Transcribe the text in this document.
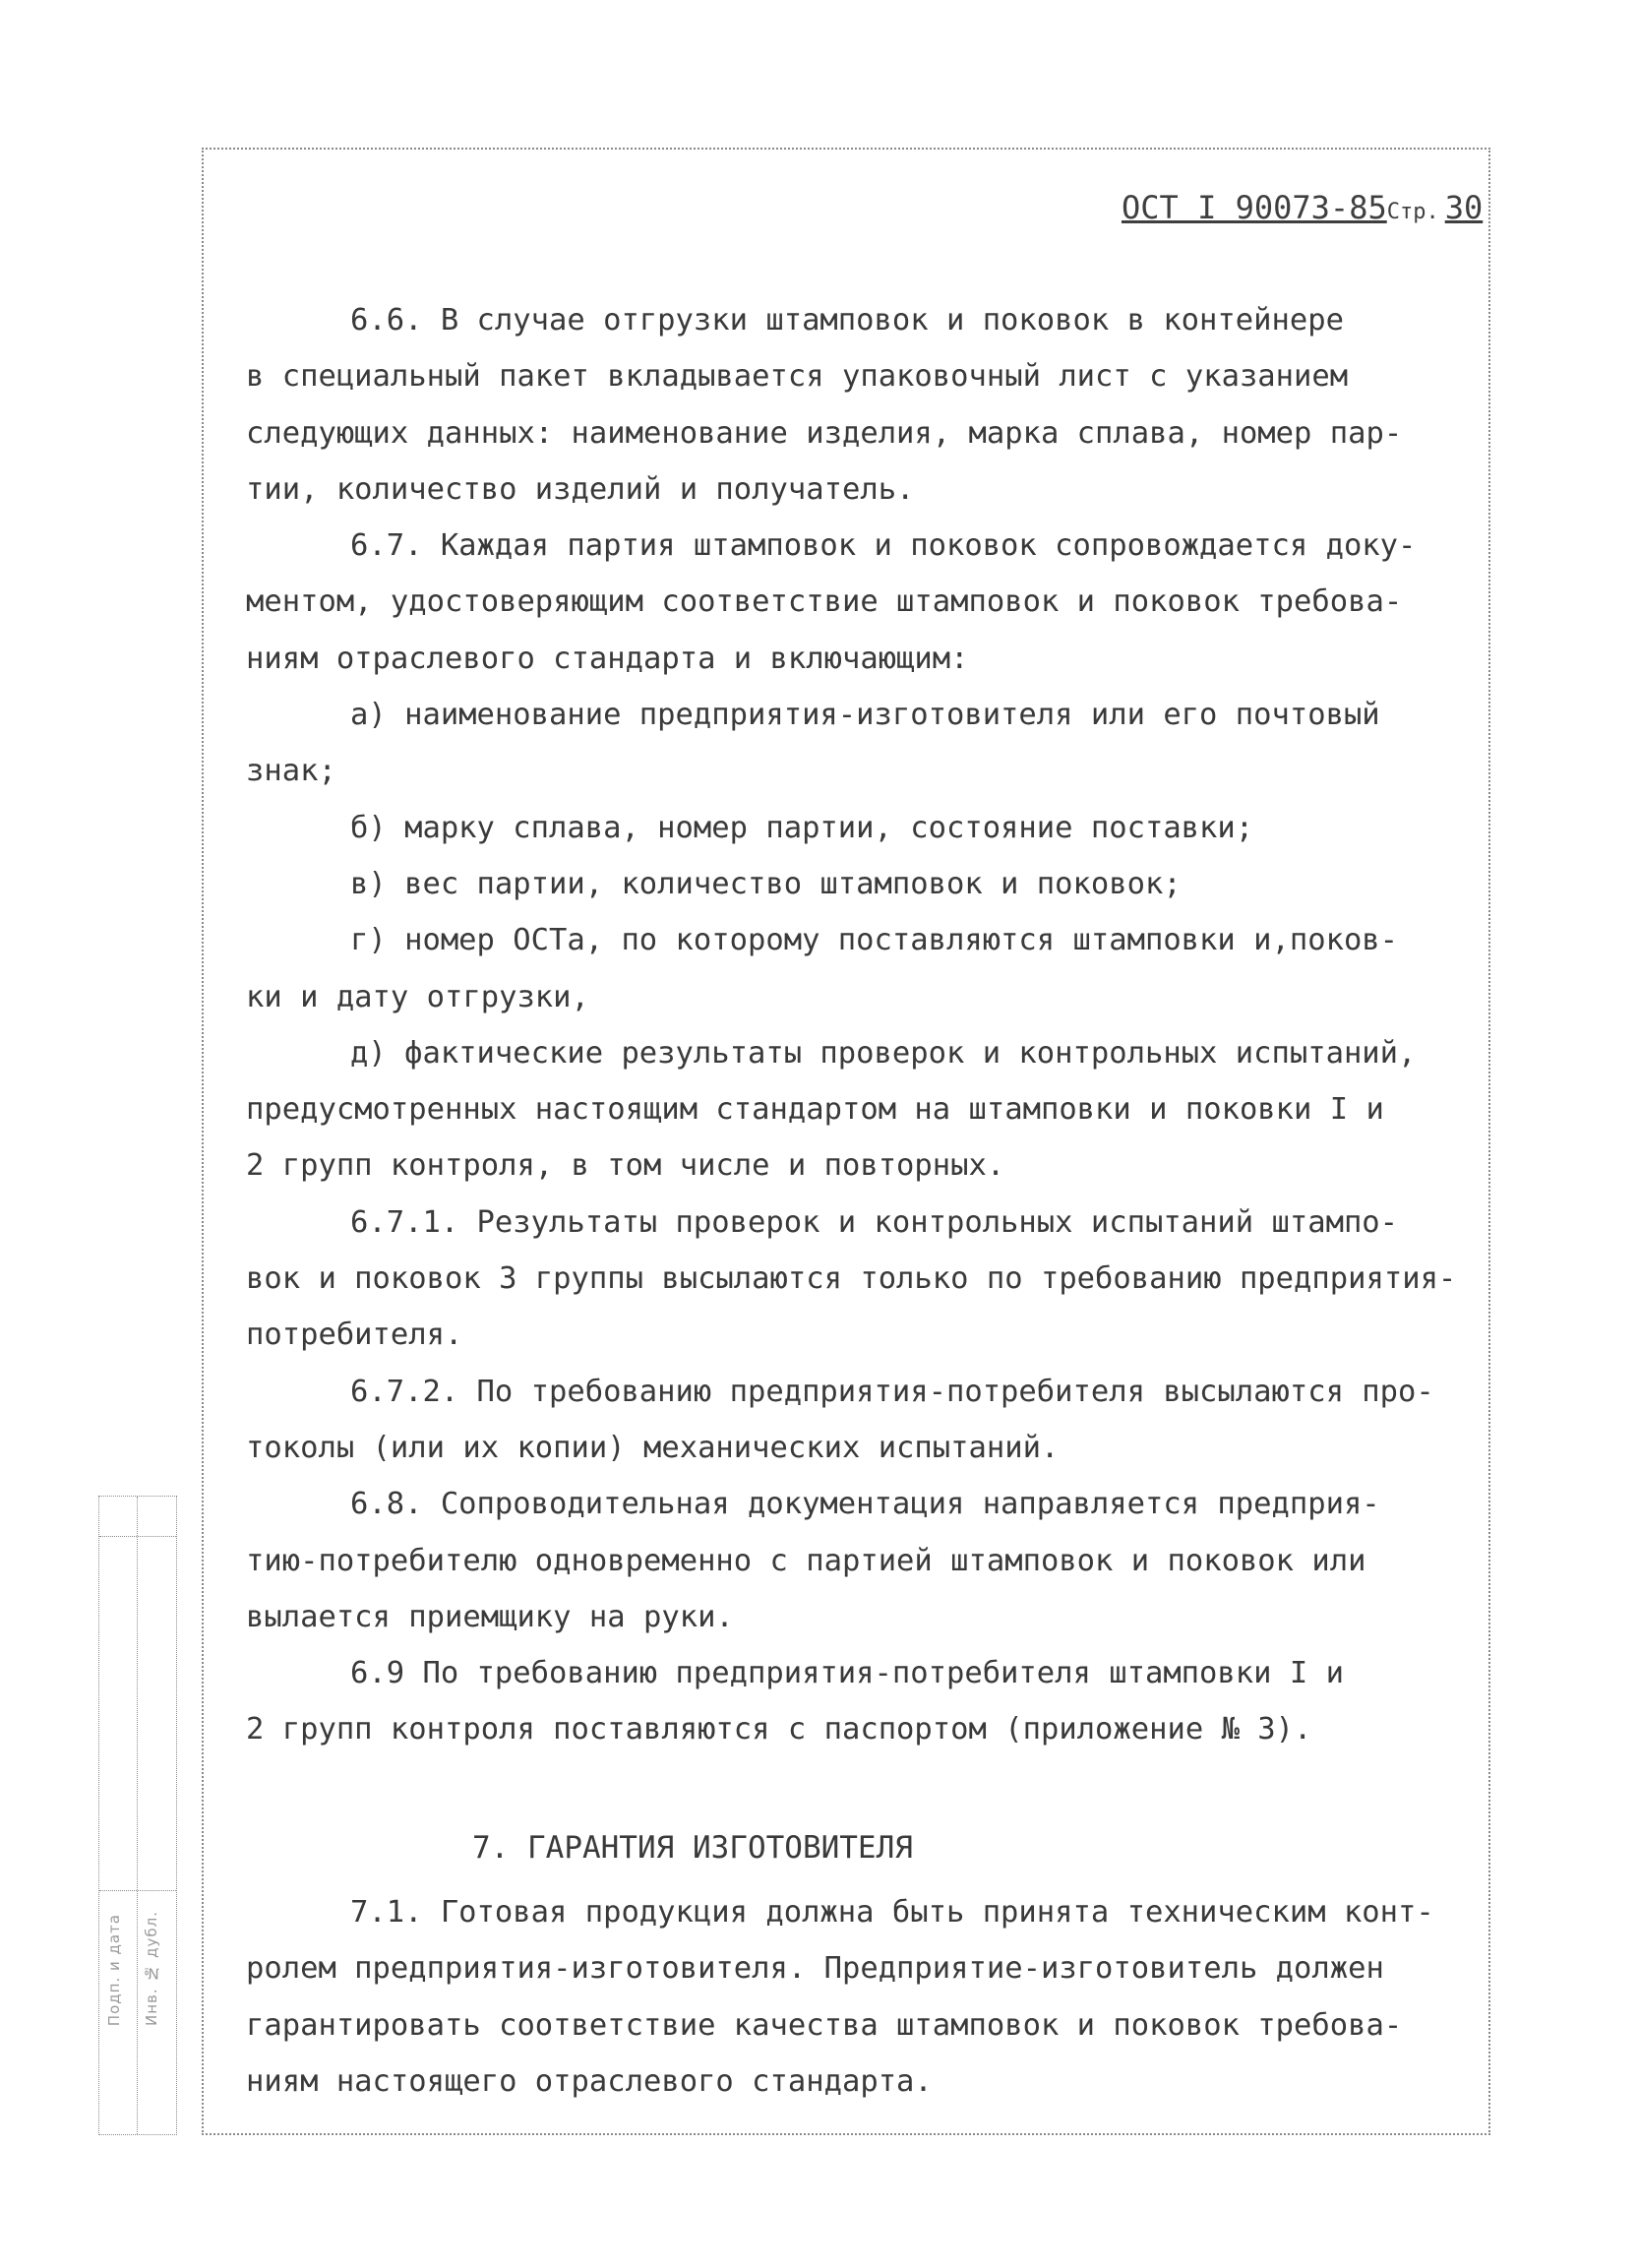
Подп. и дата Инв. № дубл.
ОСТ I 90073-85Стр. 30
6.6. В случае отгрузки штамповок и поковок в контейнере
в специальный пакет вкладывается упаковочный лист с указанием
следующих данных: наименование изделия, марка сплава, номер пар-
тии, количество изделий и получатель.
6.7. Каждая партия штамповок и поковок сопровождается доку-
ментом, удостоверяющим соответствие штамповок и поковок требова-
ниям отраслевого стандарта и включающим:
а) наименование предприятия-изготовителя или его почтовый
знак;
б) марку сплава, номер партии, состояние поставки;
в) вес партии, количество штамповок и поковок;
г) номер ОСТа, по которому поставляются штамповки и,поков-
ки и дату отгрузки,
д) фактические результаты проверок и контрольных испытаний,
предусмотренных настоящим стандартом на штамповки и поковки I и
2 групп контроля, в том числе и повторных.
6.7.1. Результаты проверок и контрольных испытаний штампо-
вок и поковок 3 группы высылаются только по требованию предприятия-
потребителя.
6.7.2. По требованию предприятия-потребителя высылаются про-
токолы (или их копии) механических испытаний.
6.8. Сопроводительная документация направляется предприя-
тию-потребителю одновременно с партией штамповок и поковок или
вылается приемщику на руки.
6.9 По требованию предприятия-потребителя штамповки I и
2 групп контроля поставляются с паспортом (приложение № 3).
7. ГАРАНТИЯ ИЗГОТОВИТЕЛЯ
7.1. Готовая продукция должна быть принята техническим конт-
ролем предприятия-изготовителя. Предприятие-изготовитель должен
гарантировать соответствие качества штамповок и поковок требова-
ниям настоящего отраслевого стандарта.
